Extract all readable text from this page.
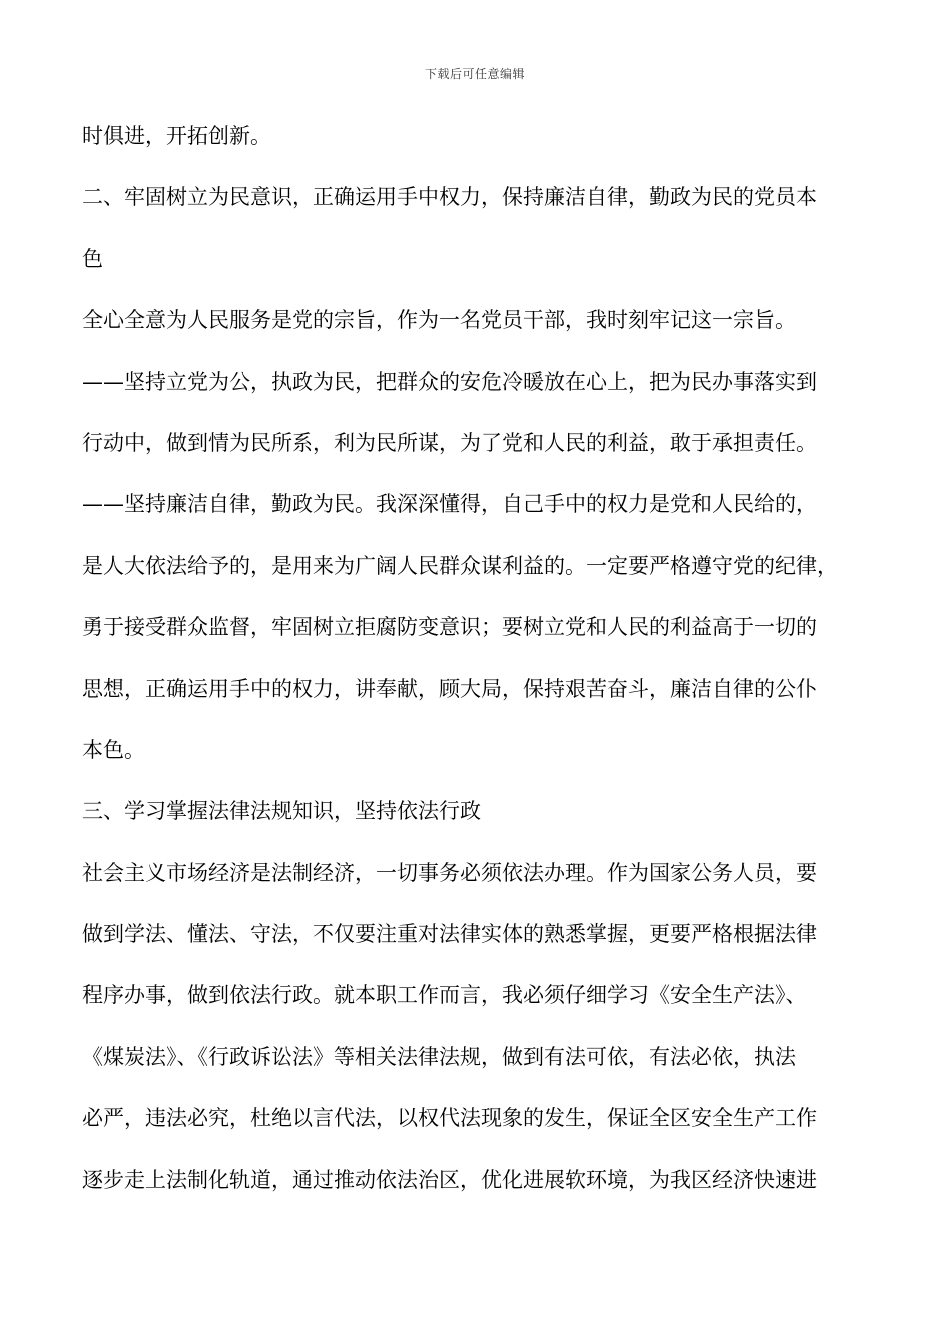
下载后可任意编辑
时俱进，开拓创新。
二、牢固树立为民意识，正确运用手中权力，保持廉洁自律，勤政为民的党员本
色
全心全意为人民服务是党的宗旨，作为一名党员干部，我时刻牢记这一宗旨。
——坚持立党为公，执政为民，把群众的安危冷暖放在心上，把为民办事落实到
行动中，做到情为民所系，利为民所谋，为了党和人民的利益，敢于承担责任。
——坚持廉洁自律，勤政为民。我深深懂得，自己手中的权力是党和人民给的，
是人大依法给予的，是用来为广阔人民群众谋利益的。一定要严格遵守党的纪律，
勇于接受群众监督，牢固树立拒腐防变意识；要树立党和人民的利益高于一切的
思想，正确运用手中的权力，讲奉献，顾大局，保持艰苦奋斗，廉洁自律的公仆
本色。
三、学习掌握法律法规知识，坚持依法行政
社会主义市场经济是法制经济，一切事务必须依法办理。作为国家公务人员，要
做到学法、懂法、守法，不仅要注重对法律实体的熟悉掌握，更要严格根据法律
程序办事，做到依法行政。就本职工作而言，我必须仔细学习《安全生产法》、
《煤炭法》、《行政诉讼法》等相关法律法规，做到有法可依，有法必依，执法
必严，违法必究，杜绝以言代法，以权代法现象的发生，保证全区安全生产工作
逐步走上法制化轨道，通过推动依法治区，优化进展软环境，为我区经济快速进
